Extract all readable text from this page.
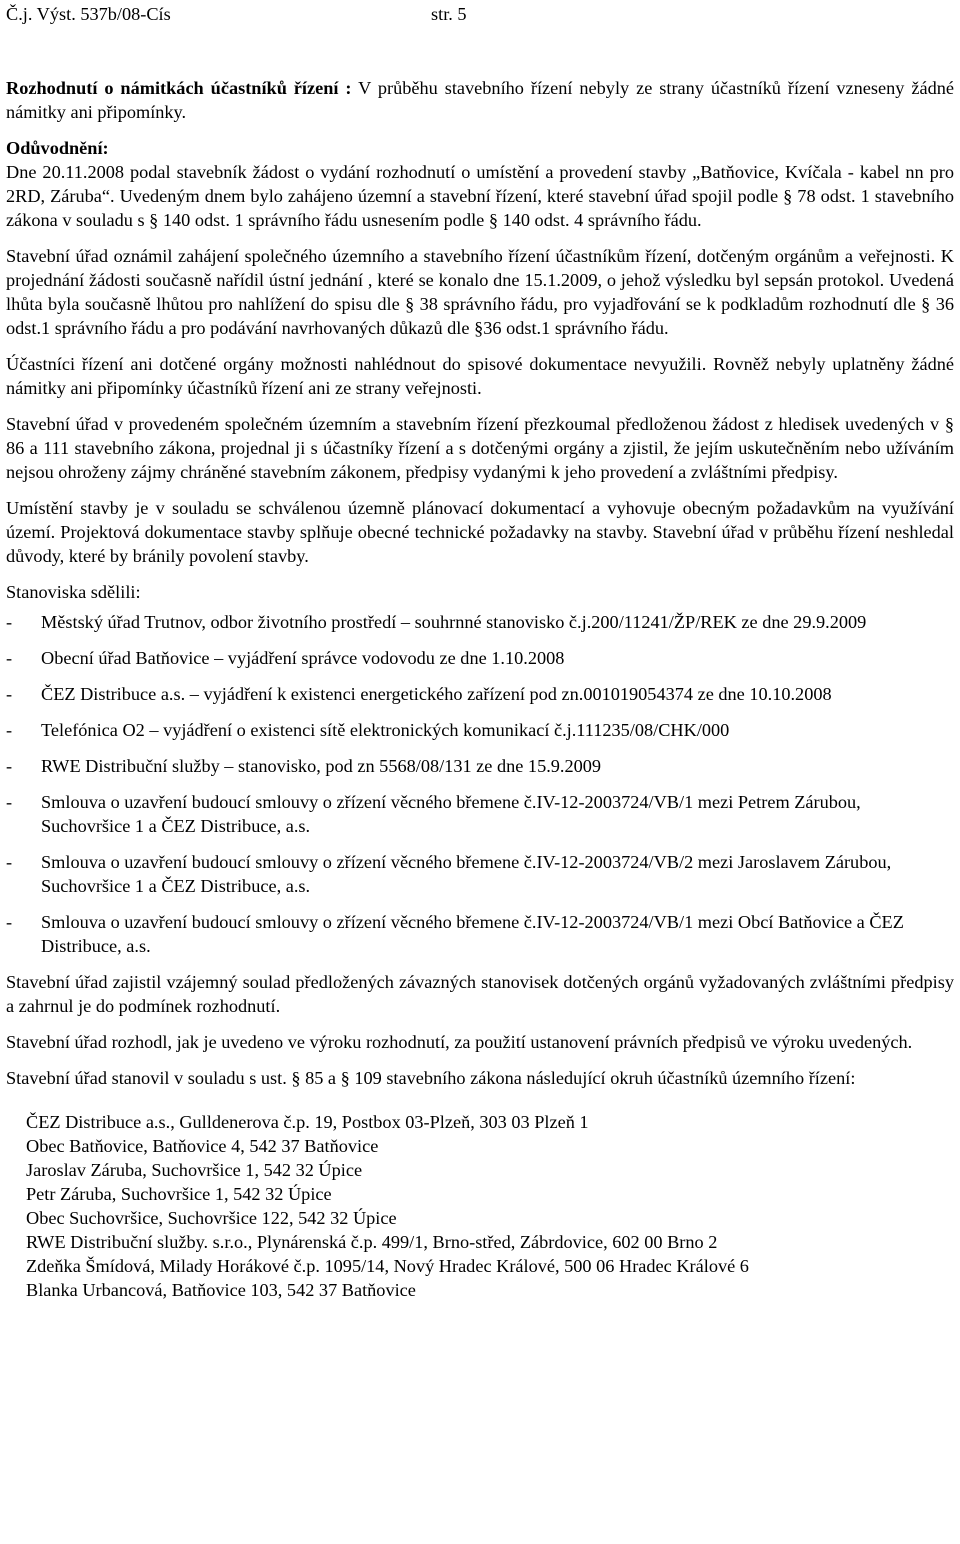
Č.j. Výst. 537b/08-Cís	str. 5

Rozhodnutí o námitkách účastníků řízení : V průběhu stavebního řízení nebyly ze strany účastníků řízení vzneseny žádné námitky ani připomínky.

Odůvodnění:

Dne 20.11.2008 podal stavebník žádost o vydání rozhodnutí o umístění a provedení stavby „Batňovice, Kvíčala - kabel nn pro 2RD, Záruba“. Uvedeným dnem bylo zahájeno územní a stavební řízení, které stavební úřad spojil podle § 78 odst. 1 stavebního zákona v souladu s § 140 odst. 1 správního řádu usnesením podle § 140 odst. 4 správního řádu.

Stavební úřad oznámil zahájení společného územního a stavebního řízení účastníkům řízení, dotčeným orgánům a veřejnosti. K projednání žádosti současně nařídil ústní jednání , které se konalo dne 15.1.2009, o jehož výsledku byl sepsán protokol. Uvedená lhůta byla současně lhůtou pro nahlížení do spisu dle § 38 správního řádu, pro vyjadřování se k podkladům rozhodnutí dle § 36 odst.1 správního řádu a pro podávání navrhovaných důkazů dle §36 odst.1 správního řádu.

Účastníci řízení ani dotčené orgány možnosti nahlédnout do spisové dokumentace nevyužili. Rovněž nebyly uplatněny žádné námitky ani připomínky účastníků řízení ani ze strany veřejnosti.

Stavební úřad v provedeném společném územním a stavebním řízení přezkoumal předloženou žádost z hledisek uvedených v § 86 a 111 stavebního zákona, projednal ji s účastníky řízení a s dotčenými orgány a zjistil, že jejím uskutečněním nebo užíváním nejsou ohroženy zájmy chráněné stavebním zákonem, předpisy vydanými k jeho provedení a zvláštními předpisy.

Umístění stavby je v souladu se schválenou územně plánovací dokumentací a vyhovuje obecným požadavkům na využívání území. Projektová dokumentace stavby splňuje obecné technické požadavky na stavby. Stavební úřad v průběhu řízení neshledal důvody, které by bránily povolení stavby.

Stanoviska sdělili:

-	Městský úřad Trutnov, odbor životního prostředí – souhrnné stanovisko č.j.200/11241/ŽP/REK ze dne 29.9.2009
-	Obecní úřad Batňovice – vyjádření správce vodovodu ze dne 1.10.2008
-	ČEZ Distribuce a.s. – vyjádření k existenci energetického zařízení pod zn.001019054374 ze dne 10.10.2008
-	Telefónica O2 – vyjádření o existenci sítě elektronických komunikací č.j.111235/08/CHK/000
-	RWE Distribuční služby – stanovisko, pod zn 5568/08/131 ze dne 15.9.2009
-	Smlouva o uzavření budoucí smlouvy o zřízení věcného břemene č.IV-12-2003724/VB/1 mezi Petrem Zárubou, Suchovršice 1 a ČEZ Distribuce, a.s.
-	Smlouva o uzavření budoucí smlouvy o zřízení věcného břemene č.IV-12-2003724/VB/2 mezi Jaroslavem Zárubou, Suchovršice 1 a ČEZ Distribuce, a.s.
-	Smlouva o uzavření budoucí smlouvy o zřízení věcného břemene č.IV-12-2003724/VB/1 mezi Obcí Batňovice a ČEZ Distribuce, a.s.

Stavební úřad zajistil vzájemný soulad předložených závazných stanovisek dotčených orgánů vyžadovaných zvláštními předpisy a zahrnul je do podmínek rozhodnutí.

Stavební úřad rozhodl, jak je uvedeno ve výroku rozhodnutí, za použití ustanovení právních předpisů ve výroku uvedených.

Stavební úřad stanovil v souladu s ust. § 85 a § 109 stavebního zákona následující okruh účastníků územního řízení:

ČEZ Distribuce a.s., Gulldenerova č.p. 19, Postbox 03-Plzeň, 303 03 Plzeň 1
Obec Batňovice, Batňovice 4, 542 37 Batňovice
Jaroslav Záruba, Suchovršice 1, 542 32 Úpice
Petr Záruba, Suchovršice 1, 542 32 Úpice
Obec Suchovršice, Suchovršice 122, 542 32 Úpice
RWE Distribuční služby. s.r.o., Plynárenská č.p. 499/1, Brno-střed, Zábrdovice, 602 00 Brno 2
Zdeňka Šmídová, Milady Horákové č.p. 1095/14, Nový Hradec Králové, 500 06 Hradec Králové 6
Blanka Urbancová, Batňovice 103, 542 37 Batňovice
